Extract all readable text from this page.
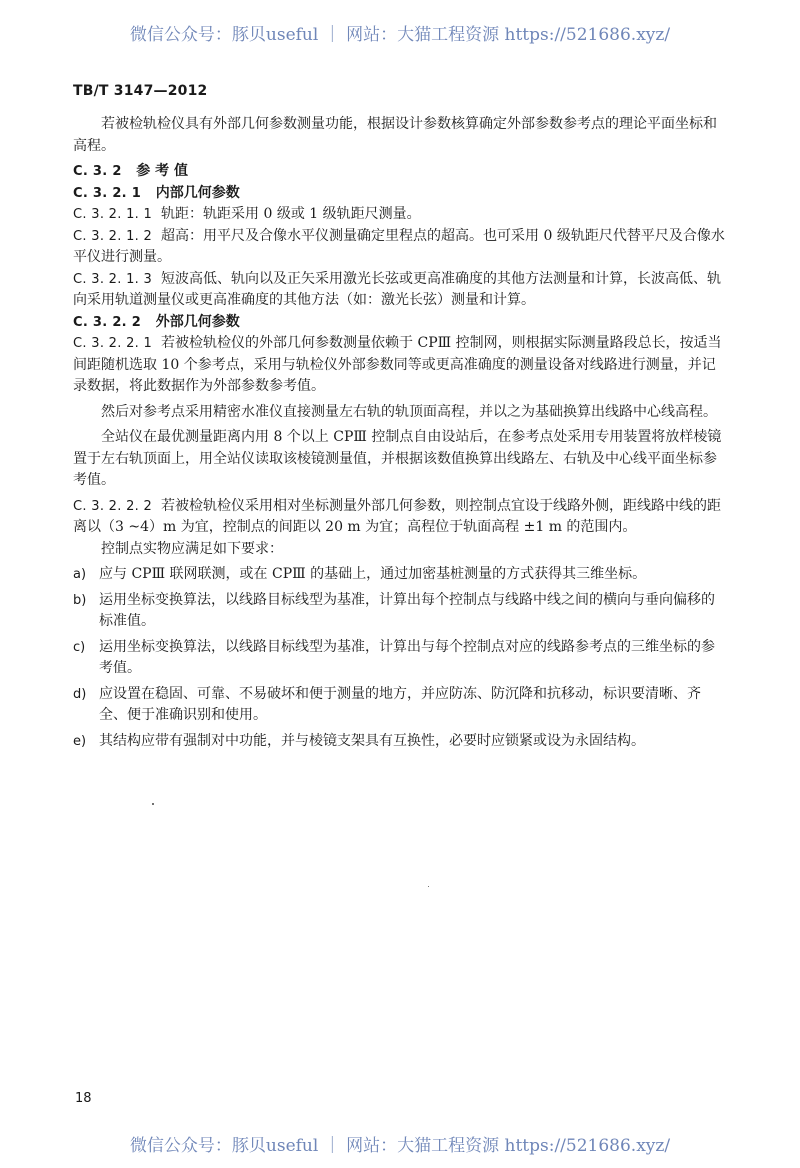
微信公众号：豚贝useful ｜ 网站：大猫工程资源 https://521686.xyz/
TB/T 3147—2012

若被检轨检仪具有外部几何参数测量功能，根据设计参数核算确定外部参数参考点的理论平面坐标和高程。

C. 3. 2 参 考 值

C. 3. 2. 1 内部几何参数

C. 3. 2. 1. 1 轨距：轨距采用 0 级或 1 级轨距尺测量。

C. 3. 2. 1. 2 超高：用平尺及合像水平仪测量确定里程点的超高。也可采用 0 级轨距尺代替平尺及合像水平仪进行测量。

C. 3. 2. 1. 3 短波高低、轨向以及正矢采用激光长弦或更高准确度的其他方法测量和计算，长波高低、轨向采用轨道测量仪或更高准确度的其他方法（如：激光长弦）测量和计算。

C. 3. 2. 2 外部几何参数

C. 3. 2. 2. 1 若被检轨检仪的外部几何参数测量依赖于 CPⅢ 控制网，则根据实际测量路段总长，按适当间距随机选取 10 个参考点，采用与轨检仪外部参数同等或更高准确度的测量设备对线路进行测量，并记录数据，将此数据作为外部参数参考值。

然后对参考点采用精密水准仪直接测量左右轨的轨顶面高程，并以之为基础换算出线路中心线高程。

全站仪在最优测量距离内用 8 个以上 CPⅢ 控制点自由设站后，在参考点处采用专用装置将放样棱镜置于左右轨顶面上，用全站仪读取该棱镜测量值，并根据该数值换算出线路左、右轨及中心线平面坐标参考值。

C. 3. 2. 2. 2 若被检轨检仪采用相对坐标测量外部几何参数，则控制点宜设于线路外侧，距线路中线的距离以（3 ~4）m 为宜，控制点的间距以 20 m 为宜；高程位于轨面高程 ±1 m 的范围内。

控制点实物应满足如下要求：

a) 应与 CPⅢ 联网联测，或在 CPⅢ 的基础上，通过加密基桩测量的方式获得其三维坐标。
b) 运用坐标变换算法，以线路目标线型为基准，计算出每个控制点与线路中线之间的横向与垂向偏移的标准值。
c) 运用坐标变换算法，以线路目标线型为基准，计算出与每个控制点对应的线路参考点的三维坐标的参考值。
d) 应设置在稳固、可靠、不易破坏和便于测量的地方，并应防冻、防沉降和抗移动，标识要清晰、齐全、便于准确识别和使用。
e) 其结构应带有强制对中功能，并与棱镜支架具有互换性，必要时应锁紧或设为永固结构。
18
微信公众号：豚贝useful ｜ 网站：大猫工程资源 https://521686.xyz/
